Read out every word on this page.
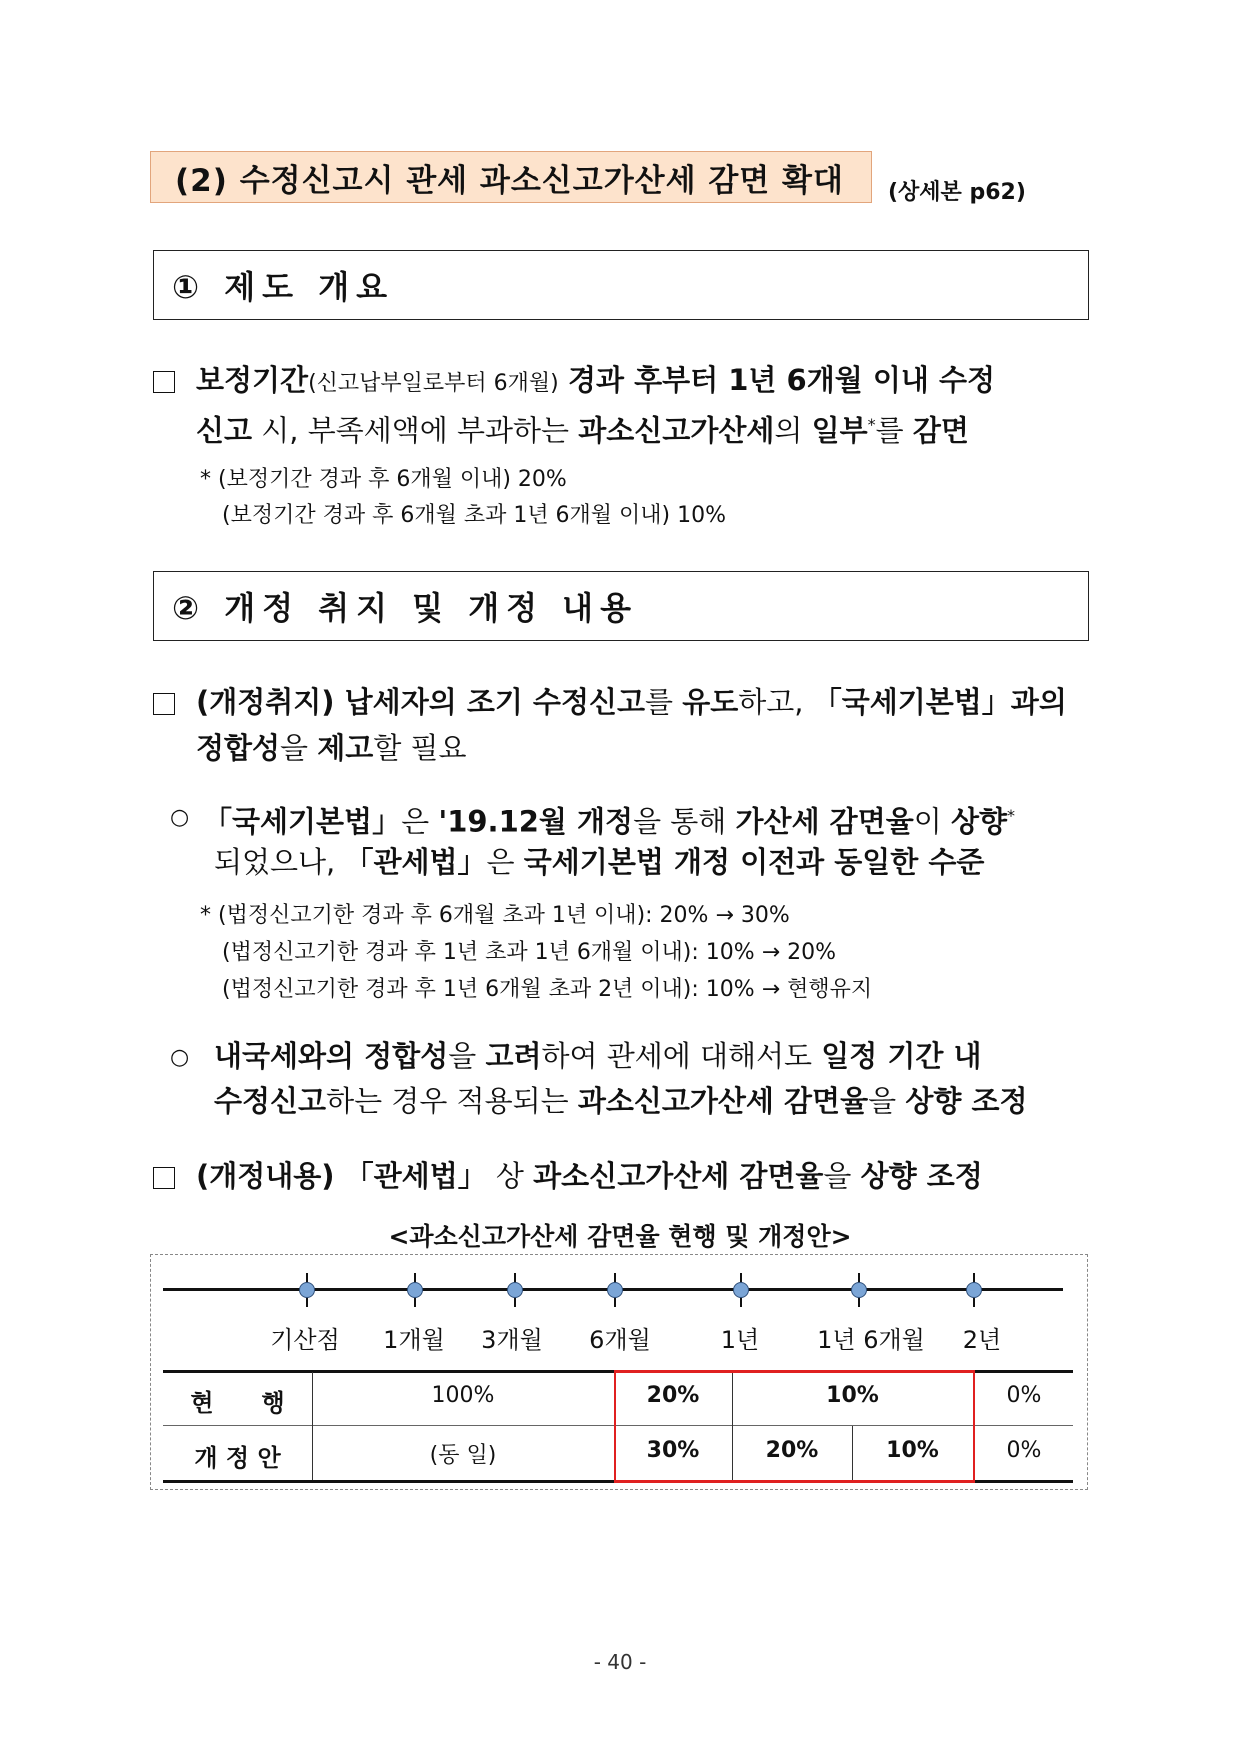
(2) 수정신고시 관세 과소신고가산세 감면 확대 (상세본 p62)
① 제도 개요
보정기간(신고납부일로부터 6개월) 경과 후부터 1년 6개월 이내 수정
신고 시, 부족세액에 부과하는 과소신고가산세의 일부*를 감면
* (보정기간 경과 후 6개월 이내) 20%
(보정기간 경과 후 6개월 초과 1년 6개월 이내) 10%
② 개정 취지 및 개정 내용
(개정취지) 납세자의 조기 수정신고를 유도하고, 「국세기본법」과의
정합성을 제고할 필요
○ 「국세기본법」은 '19.12월 개정을 통해 가산세 감면율이 상향*
되었으나, 「관세법」은 국세기본법 개정 이전과 동일한 수준
* (법정신고기한 경과 후 6개월 초과 1년 이내): 20% → 30%
(법정신고기한 경과 후 1년 초과 1년 6개월 이내): 10% → 20%
(법정신고기한 경과 후 1년 6개월 초과 2년 이내): 10% → 현행유지
○ 내국세와의 정합성을 고려하여 관세에 대해서도 일정 기간 내
수정신고하는 경우 적용되는 과소신고가산세 감면율을 상향 조정
(개정내용) 「관세법」 상 과소신고가산세 감면율을 상향 조정
<과소신고가산세 감면율 현행 및 개정안>
기산점 1개월 3개월 6개월	1년 1년 6개월 2년
현　　행	100%	20%	10%	0%
개 정 안	(동 일)	30%	20%	10%	0%
- 40 -
